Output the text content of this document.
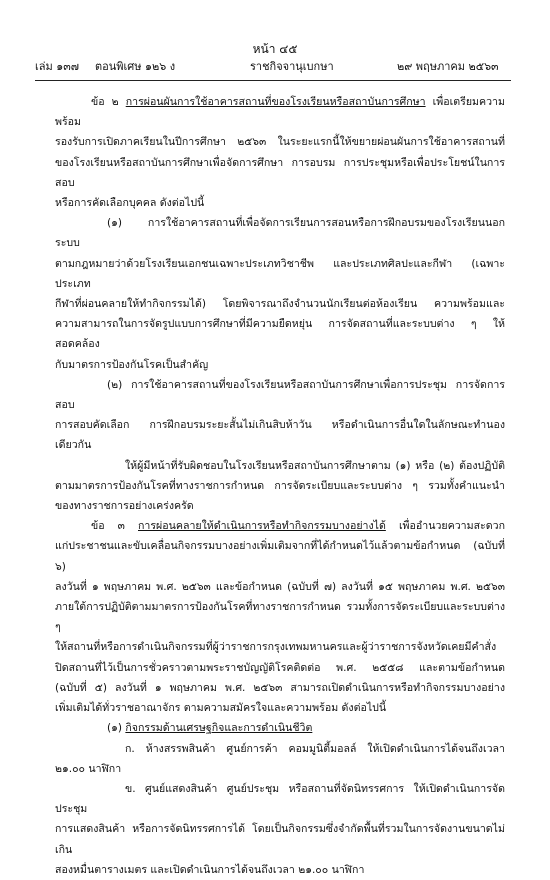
หน้า ๔๕
เล่ม ๑๓๗ ตอนพิเศษ ๑๒๖ ง	ราชกิจจานุเบกษา	๒๙ พฤษภาคม ๒๕๖๓

ข้อ ๒ การผ่อนผันการใช้อาคารสถานที่ของโรงเรียนหรือสถาบันการศึกษา เพื่อเตรียมความพร้อม

รองรับการเปิดภาคเรียนในปีการศึกษา ๒๕๖๓ ในระยะแรกนี้ให้ขยายผ่อนผันการใช้อาคารสถานที่

ของโรงเรียนหรือสถาบันการศึกษาเพื่อจัดการศึกษา การอบรม การประชุมหรือเพื่อประโยชน์ในการสอบ

หรือการคัดเลือกบุคคล ดังต่อไปนี้

(๑) การใช้อาคารสถานที่เพื่อจัดการเรียนการสอนหรือการฝึกอบรมของโรงเรียนนอกระบบ

ตามกฎหมายว่าด้วยโรงเรียนเอกชนเฉพาะประเภทวิชาชีพ และประเภทศิลปะและกีฬา (เฉพาะประเภท

กีฬาที่ผ่อนคลายให้ทำกิจกรรมได้) โดยพิจารณาถึงจำนวนนักเรียนต่อห้องเรียน ความพร้อมและ

ความสามารถในการจัดรูปแบบการศึกษาที่มีความยืดหยุ่น การจัดสถานที่และระบบต่าง ๆ ให้สอดคล้อง

กับมาตรการป้องกันโรคเป็นสำคัญ

(๒) การใช้อาคารสถานที่ของโรงเรียนหรือสถาบันการศึกษาเพื่อการประชุม การจัดการสอบ

การสอบคัดเลือก การฝึกอบรมระยะสั้นไม่เกินสิบห้าวัน หรือดำเนินการอื่นใดในลักษณะทำนองเดียวกัน

ให้ผู้มีหน้าที่รับผิดชอบในโรงเรียนหรือสถาบันการศึกษาตาม (๑) หรือ (๒) ต้องปฏิบัติ

ตามมาตรการป้องกันโรคที่ทางราชการกำหนด การจัดระเบียบและระบบต่าง ๆ รวมทั้งคำแนะนำ

ของทางราชการอย่างเคร่งครัด

ข้อ ๓ การผ่อนคลายให้ดำเนินการหรือทำกิจกรรมบางอย่างได้ เพื่ออำนวยความสะดวก

แก่ประชาชนและขับเคลื่อนกิจกรรมบางอย่างเพิ่มเติมจากที่ได้กำหนดไว้แล้วตามข้อกำหนด (ฉบับที่ ๖)

ลงวันที่ ๑ พฤษภาคม พ.ศ. ๒๕๖๓ และข้อกำหนด (ฉบับที่ ๗) ลงวันที่ ๑๕ พฤษภาคม พ.ศ. ๒๕๖๓

ภายใต้การปฏิบัติตามมาตรการป้องกันโรคที่ทางราชการกำหนด รวมทั้งการจัดระเบียบและระบบต่าง ๆ

ให้สถานที่หรือการดำเนินกิจกรรมที่ผู้ว่าราชการกรุงเทพมหานครและผู้ว่าราชการจังหวัดเคยมีคำสั่ง

ปิดสถานที่ไว้เป็นการชั่วคราวตามพระราชบัญญัติโรคติดต่อ พ.ศ. ๒๕๕๘ และตามข้อกำหนด

(ฉบับที่ ๕) ลงวันที่ ๑ พฤษภาคม พ.ศ. ๒๕๖๓ สามารถเปิดดำเนินการหรือทำกิจกรรมบางอย่าง

เพิ่มเติมได้ทั่วราชอาณาจักร ตามความสมัครใจและความพร้อม ดังต่อไปนี้

(๑) กิจกรรมด้านเศรษฐกิจและการดำเนินชีวิต

ก. ห้างสรรพสินค้า ศูนย์การค้า คอมมูนิตี้มอลล์ ให้เปิดดำเนินการได้จนถึงเวลา

๒๑.๐๐ นาฬิกา

ข. ศูนย์แสดงสินค้า ศูนย์ประชุม หรือสถานที่จัดนิทรรศการ ให้เปิดดำเนินการจัดประชุม

การแสดงสินค้า หรือการจัดนิทรรศการได้ โดยเป็นกิจกรรมซึ่งจำกัดพื้นที่รวมในการจัดงานขนาดไม่เกิน

สองหมื่นตารางเมตร และเปิดดำเนินการได้จนถึงเวลา ๒๑.๐๐ นาฬิกา
